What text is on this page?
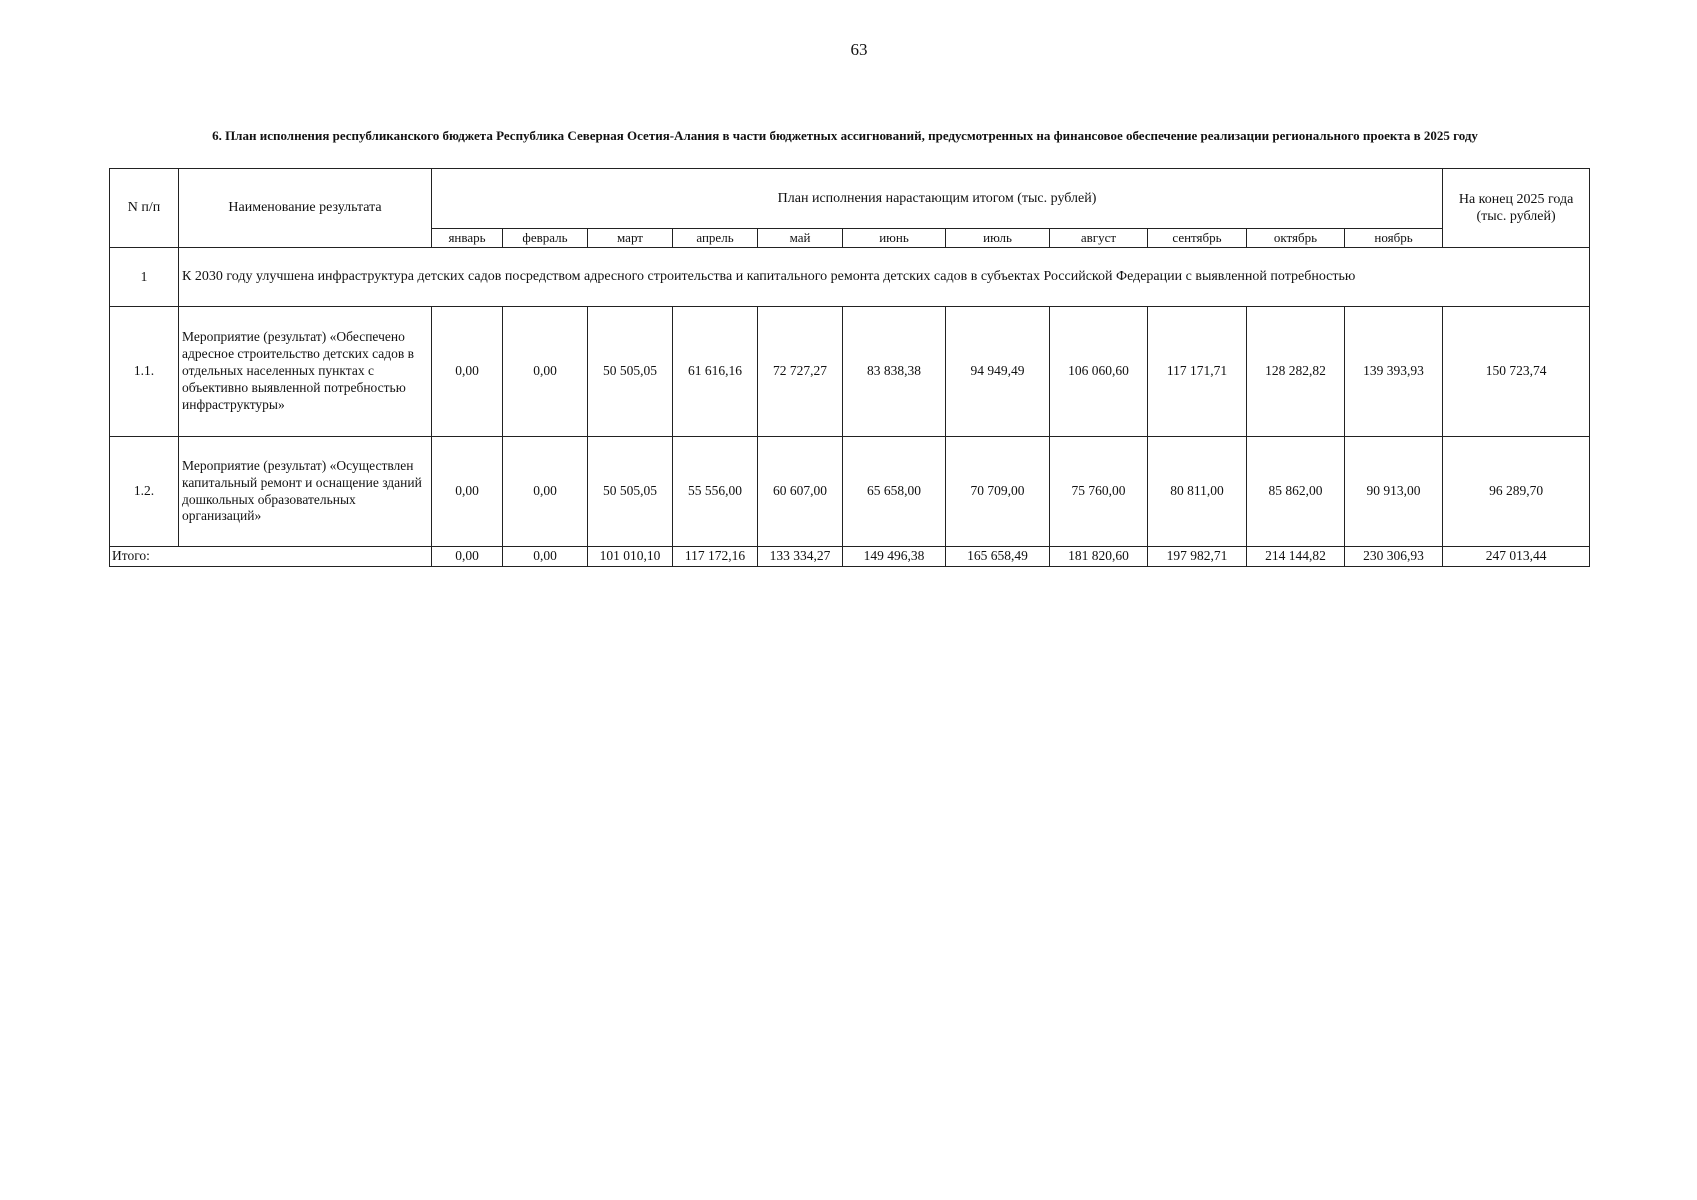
63
6. План исполнения республиканского бюджета Республика Северная Осетия-Алания в части бюджетных ассигнований, предусмотренных на финансовое обеспечение реализации регионального проекта в 2025 году
N п/п	Наименование результата	План исполнения нарастающим итогом (тыс. рублей)											На конец 2025 года (тыс. рублей)
		январь	февраль	март	апрель	май	июнь	июль	август	сентябрь	октябрь	ноябрь	
1	К 2030 году улучшена инфраструктура детских садов посредством адресного строительства и капитального ремонта детских садов в субъектах Российской Федерации с выявленной потребностью												
1.1.	Мероприятие (результат) «Обеспечено адресное строительство детских садов в отдельных населенных пунктах с объективно выявленной потребностью инфраструктуры»	0,00	0,00	50 505,05	61 616,16	72 727,27	83 838,38	94 949,49	106 060,60	117 171,71	128 282,82	139 393,93	150 723,74
1.2.	Мероприятие (результат) «Осуществлен капитальный ремонт и оснащение зданий дошкольных образовательных организаций»	0,00	0,00	50 505,05	55 556,00	60 607,00	65 658,00	70 709,00	75 760,00	80 811,00	85 862,00	90 913,00	96 289,70
Итого:		0,00	0,00	101 010,10	117 172,16	133 334,27	149 496,38	165 658,49	181 820,60	197 982,71	214 144,82	230 306,93	247 013,44
